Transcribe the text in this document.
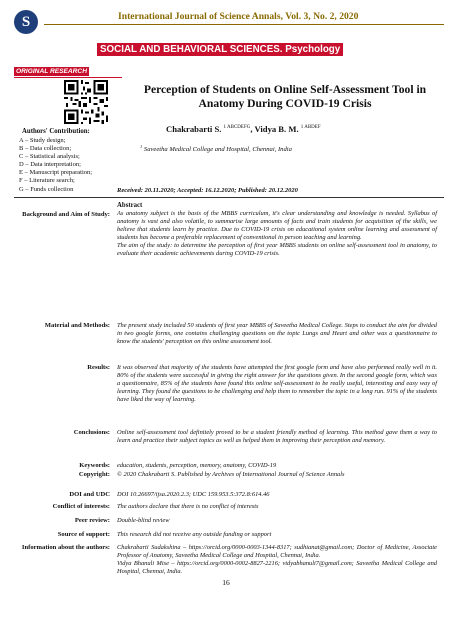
S	International Journal of Science Annals, Vol. 3, No. 2, 2020
SOCIAL AND BEHAVIORAL SCIENCES. Psychology
ORIGINAL RESEARCH
Perception of Students on Online Self-Assessment Tool in Anatomy During COVID-19 Crisis
Chakrabarti S. $^{1 ABCDEFG}$, Vidya B. M. $^{1 ABDEF}$
$^1$ Saveetha Medical College and Hospital, Chennai, India
Authors' Contribution:
A – Study design;
B – Data collection;
C – Statistical analysis;
D – Data interpretation;
E – Manuscript preparation;
F – Literature search;
G – Funds collection	Received: 20.11.2020; Accepted: 16.12.2020; Published: 20.12.2020
Abstract
Background and Aim of Study: As anatomy subject is the basis of the MBBS curriculum, it's clear understanding and knowledge is needed. Syllabus of anatomy is vast and also volatile, to summarise large amounts of facts and train students for acquisition of the skills, we believe that students learn by practice. Due to COVID-19 crisis on educational system online learning and assessment of students has become a preferable replacement of conventional in person teaching and learning.

The aim of the study: to determine the perception of first year MBBS students on online self-assessment tool in anatomy, to evaluate their academic achievements during COVID-19 crisis.

Material and Methods: The present study included 50 students of first year MBBS of Saveetha Medical College. Steps to conduct the aim for divided in two google forms, one contains challenging questions on the topic Lungs and Heart and other was a questionnaire to know the students' perception on this online assessment tool.
Results: It was observed that majority of the students have attempted the first google form and have also performed really well in it. 80% of the students were successful in giving the right answer for the questions given. In the second google form, which was a questionnaire, 85% of the students have found this online self-assessment to be really useful, interesting and easy way of learning. They found the questions to be challenging and help them to remember the topic in a long run. 91% of the students have liked the way of learning.
Conclusions: Online self-assessment tool definitely proved to be a student friendly method of learning. This method gave them a way to learn and practice their subject topics as well as helped them in improving their perception and memory.
Keywords: education, students, perception, memory, anatomy, COVID-19
Copyright: © 2020 Chakrabarti S. Published by Archives of International Journal of Science Annals
DOI and UDC DOI 10.26697/ijsa.2020.2.3; UDC 159.953.5:372.8:614.46
Conflict of interests: The authors declare that there is no conflict of interests
Peer review: Double-blind review
Source of support: This research did not receive any outside funding or support
Information about the authors: Chakrabarti Sudakshina – https://orcid.org/0000-0003-1344-8317; sudhianat@gmail.com; Doctor of Medicine, Associate Professor of Anatomy, Saveetha Medical College and Hospital, Chennai, India.

Vidya Bhanuli Mise – https://orcid.org/0000-0002-8827-2216; vidyabhanuli7@gmail.com; Saveetha Medical College and Hospital, Chennai, India.

16
